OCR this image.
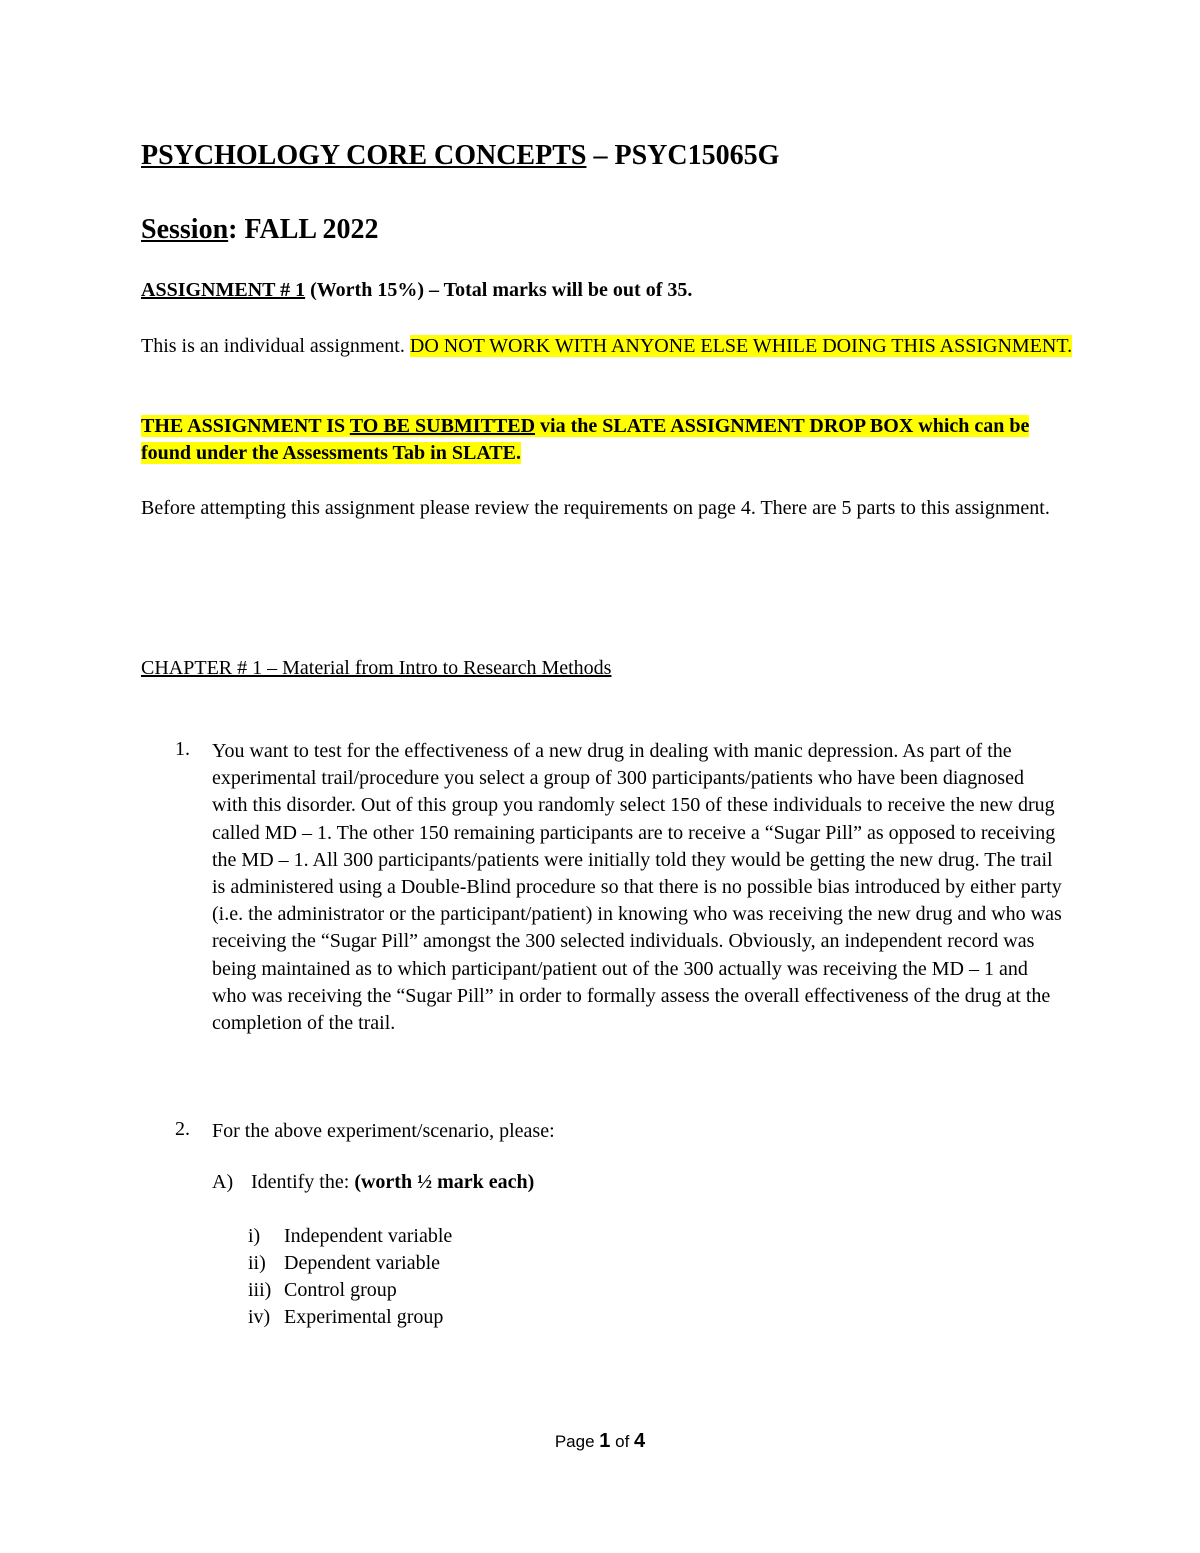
PSYCHOLOGY CORE CONCEPTS – PSYC15065G
Session: FALL 2022
ASSIGNMENT # 1 (Worth 15%) – Total marks will be out of 35.
This is an individual assignment. DO NOT WORK WITH ANYONE ELSE WHILE DOING THIS ASSIGNMENT.
THE ASSIGNMENT IS TO BE SUBMITTED via the SLATE ASSIGNMENT DROP BOX which can be found under the Assessments Tab in SLATE.
Before attempting this assignment please review the requirements on page 4. There are 5 parts to this assignment.
CHAPTER # 1 – Material from Intro to Research Methods
1. You want to test for the effectiveness of a new drug in dealing with manic depression. As part of the experimental trail/procedure you select a group of 300 participants/patients who have been diagnosed with this disorder. Out of this group you randomly select 150 of these individuals to receive the new drug called MD – 1. The other 150 remaining participants are to receive a “Sugar Pill” as opposed to receiving the MD – 1. All 300 participants/patients were initially told they would be getting the new drug. The trail is administered using a Double-Blind procedure so that there is no possible bias introduced by either party (i.e. the administrator or the participant/patient) in knowing who was receiving the new drug and who was receiving the “Sugar Pill” amongst the 300 selected individuals. Obviously, an independent record was being maintained as to which participant/patient out of the 300 actually was receiving the MD – 1 and who was receiving the “Sugar Pill” in order to formally assess the overall effectiveness of the drug at the completion of the trail.
2. For the above experiment/scenario, please:
A) Identify the: (worth ½ mark each)
i) Independent variable
ii) Dependent variable
iii) Control group
iv) Experimental group
Page 1 of 4
